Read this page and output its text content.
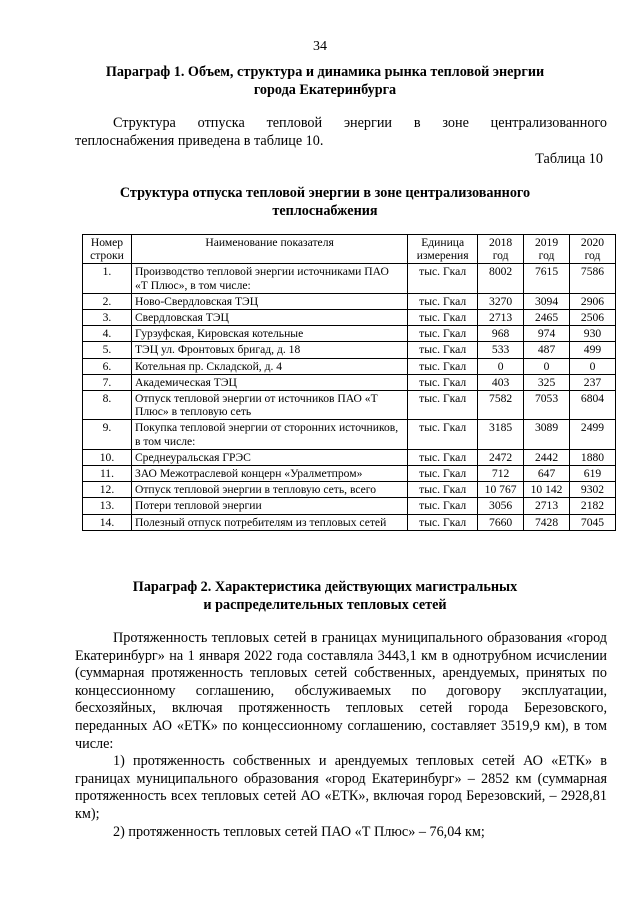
34
Параграф 1. Объем, структура и динамика рынка тепловой энергии
города Екатеринбурга
Структура отпуска тепловой энергии в зоне централизованного
теплоснабжения приведена в таблице 10.
Таблица 10
Структура отпуска тепловой энергии в зоне централизованного
теплоснабжения
Номер строки	Наименование показателя	Единица измерения	2018 год	2019 год	2020 год
1.	Производство тепловой энергии источниками ПАО «Т Плюс», в том числе:	тыс. Гкал	8002	7615	7586
2.	Ново-Свердловская ТЭЦ	тыс. Гкал	3270	3094	2906
3.	Свердловская ТЭЦ	тыс. Гкал	2713	2465	2506
4.	Гурзуфская, Кировская котельные	тыс. Гкал	968	974	930
5.	ТЭЦ ул. Фронтовых бригад, д. 18	тыс. Гкал	533	487	499
6.	Котельная пр. Складской, д. 4	тыс. Гкал	0	0	0
7.	Академическая ТЭЦ	тыс. Гкал	403	325	237
8.	Отпуск тепловой энергии от источников ПАО «Т Плюс» в тепловую сеть	тыс. Гкал	7582	7053	6804
9.	Покупка тепловой энергии от сторонних источников, в том числе:	тыс. Гкал	3185	3089	2499
10.	Среднеуральская ГРЭС	тыс. Гкал	2472	2442	1880
11.	ЗАО Межотраслевой концерн «Уралметпром»	тыс. Гкал	712	647	619
12.	Отпуск тепловой энергии в тепловую сеть, всего	тыс. Гкал	10 767	10 142	9302
13.	Потери тепловой энергии	тыс. Гкал	3056	2713	2182
14.	Полезный отпуск потребителям из тепловых сетей	тыс. Гкал	7660	7428	7045
Параграф 2. Характеристика действующих магистральных
и распределительных тепловых сетей
Протяженность тепловых сетей в границах муниципального образования «город Екатеринбург» на 1 января 2022 года составляла 3443,1 км в однотрубном исчислении (суммарная протяженность тепловых сетей собственных, арендуемых, принятых по концессионному соглашению, обслуживаемых по договору эксплуатации, бесхозяйных, включая протяженность тепловых сетей города Березовского, переданных АО «ЕТК» по концессионному соглашению, составляет 3519,9 км), в том числе:
1) протяженность собственных и арендуемых тепловых сетей АО «ЕТК» в границах муниципального образования «город Екатеринбург» – 2852 км (суммарная протяженность всех тепловых сетей АО «ЕТК», включая город Березовский, – 2928,81 км);
2) протяженность тепловых сетей ПАО «Т Плюс» – 76,04 км;
